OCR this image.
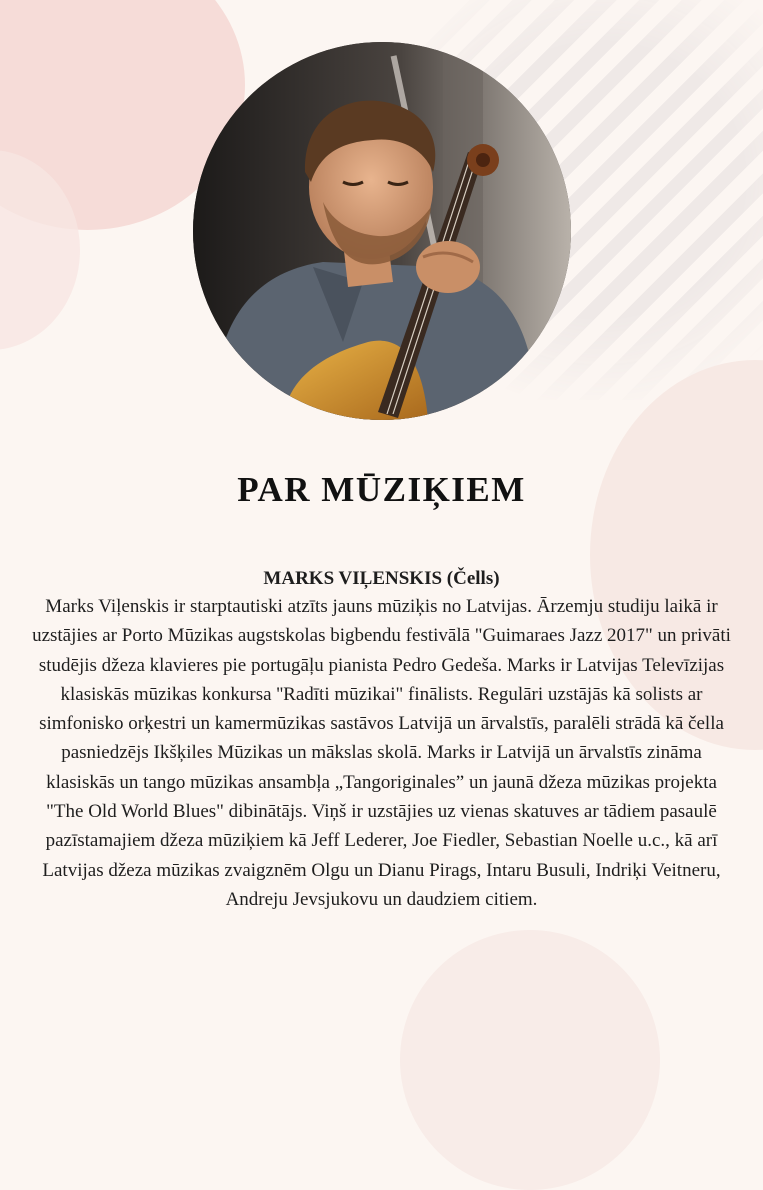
PAR MŪZIĶIEM

MARKS VIĻENSKIS (Čells)

Marks Viļenskis ir starptautiski atzīts jauns mūziķis no Latvijas. Ārzemju studiju laikā ir uzstājies ar Porto Mūzikas augstskolas bigbendu festivālā "Guimaraes Jazz 2017" un privāti studējis džeza klavieres pie portugāļu pianista Pedro Gedeša. Marks ir Latvijas Televīzijas klasiskās mūzikas konkursa ''Radīti mūzikai" finālists. Regulāri uzstājās kā solists ar simfonisko orķestri un kamermūzikas sastāvos Latvijā un ārvalstīs, paralēli strādā kā čella pasniedzējs Ikšķiles Mūzikas un mākslas skolā. Marks ir Latvijā un ārvalstīs zināma klasiskās un tango mūzikas ansambļa „Tangoriginales” un jaunā džeza mūzikas projekta "The Old World Blues" dibinātājs. Viņš ir uzstājies uz vienas skatuves ar tādiem pasaulē pazīstamajiem džeza mūziķiem kā Jeff Lederer, Joe Fiedler, Sebastian Noelle u.c., kā arī Latvijas džeza mūzikas zvaigznēm Olgu un Dianu Pirags, Intaru Busuli, Indriķi Veitneru, Andreju Jevsjukovu un daudziem citiem.
